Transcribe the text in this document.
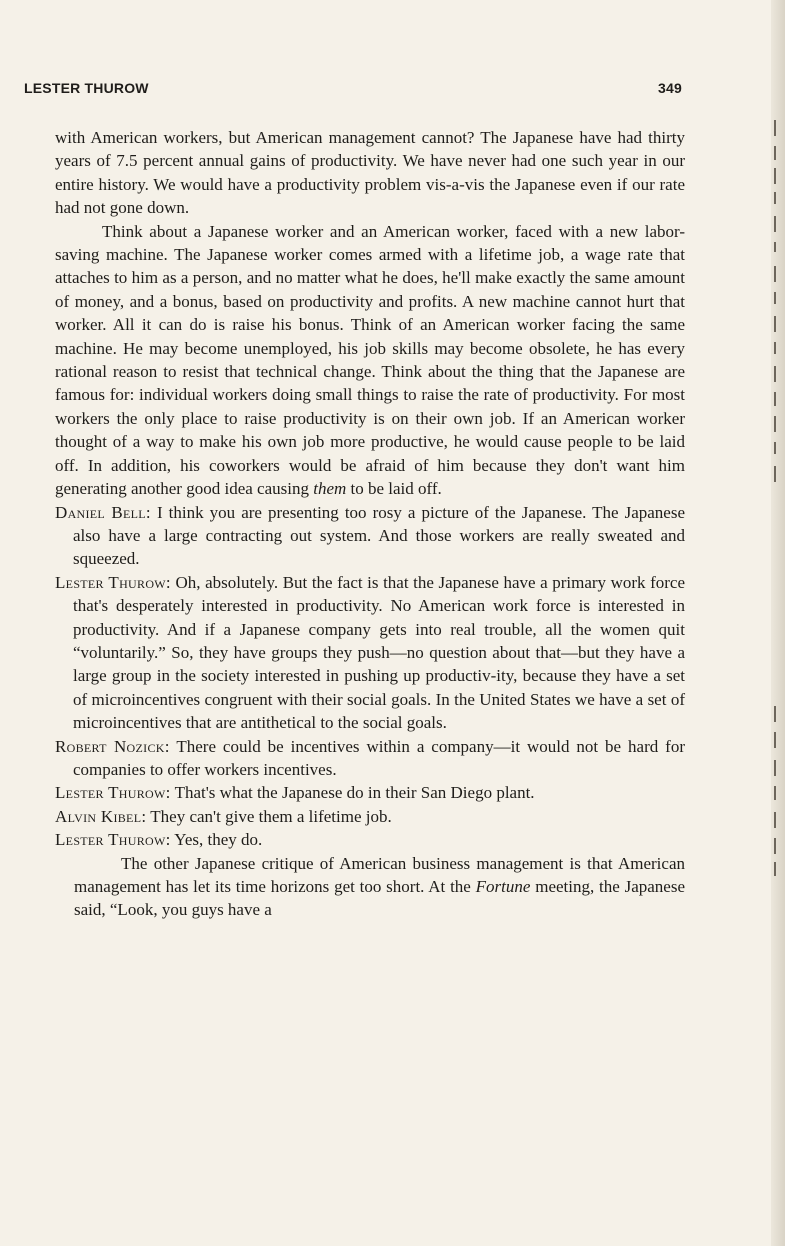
LESTER THUROW	349

with American workers, but American management cannot? The Japanese have had thirty years of 7.5 percent annual gains of productivity. We have never had one such year in our entire history. We would have a productivity problem vis-a-vis the Japanese even if our rate had not gone down.

Think about a Japanese worker and an American worker, faced with a new labor-saving machine. The Japanese worker comes armed with a lifetime job, a wage rate that attaches to him as a person, and no matter what he does, he'll make exactly the same amount of money, and a bonus, based on productivity and profits. A new machine cannot hurt that worker. All it can do is raise his bonus. Think of an American worker facing the same machine. He may become unemployed, his job skills may become obsolete, he has every rational reason to resist that technical change. Think about the thing that the Japanese are famous for: individual workers doing small things to raise the rate of productivity. For most workers the only place to raise productivity is on their own job. If an American worker thought of a way to make his own job more productive, he would cause people to be laid off. In addition, his coworkers would be afraid of him because they don't want him generating another good idea causing them to be laid off.

Daniel Bell: I think you are presenting too rosy a picture of the Japanese. The Japanese also have a large contracting out system. And those workers are really sweated and squeezed.

Lester Thurow: Oh, absolutely. But the fact is that the Japanese have a primary work force that's desperately interested in productivity. No American work force is interested in productivity. And if a Japanese company gets into real trouble, all the women quit “voluntarily.” So, they have groups they push—no question about that—but they have a large group in the society interested in pushing up productiv-ity, because they have a set of microincentives congruent with their social goals. In the United States we have a set of microincentives that are antithetical to the social goals.

Robert Nozick: There could be incentives within a company—it would not be hard for companies to offer workers incentives.

Lester Thurow: That's what the Japanese do in their San Diego plant.

Alvin Kibel: They can't give them a lifetime job.

Lester Thurow: Yes, they do.

The other Japanese critique of American business management is that American management has let its time horizons get too short. At the Fortune meeting, the Japanese said, “Look, you guys have a
